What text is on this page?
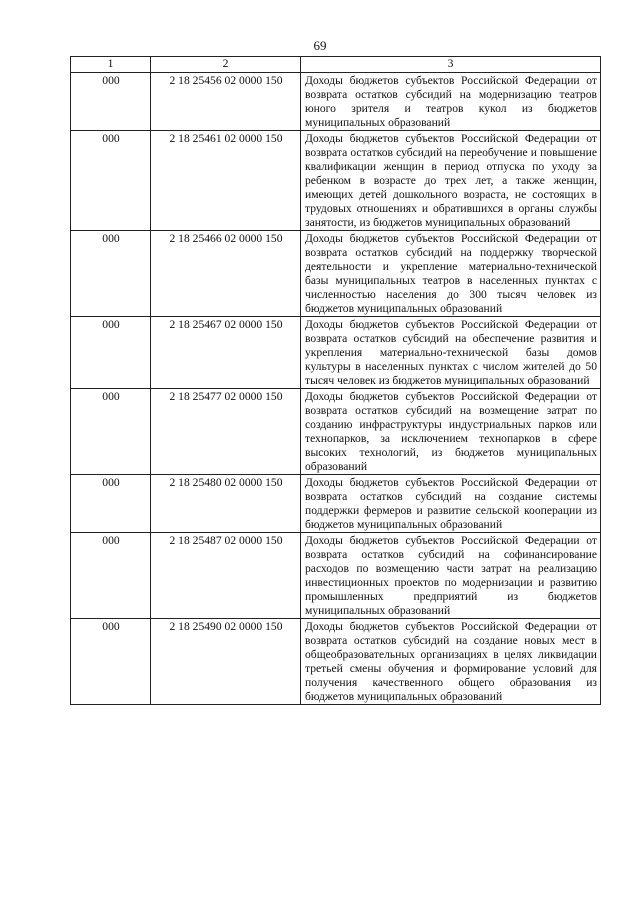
69
1	2	3
000	2 18 25456 02 0000 150	Доходы бюджетов субъектов Российской Федерации от возврата остатков субсидий на модернизацию театров юного зрителя и театров кукол из бюджетов муниципальных образований
000	2 18 25461 02 0000 150	Доходы бюджетов субъектов Российской Федерации от возврата остатков субсидий на переобучение и повышение квалификации женщин в период отпуска по уходу за ребенком в возрасте до трех лет, а также женщин, имеющих детей дошкольного возраста, не состоящих в трудовых отношениях и обратившихся в органы службы занятости, из бюджетов муниципальных образований
000	2 18 25466 02 0000 150	Доходы бюджетов субъектов Российской Федерации от возврата остатков субсидий на поддержку творческой деятельности и укрепление материально-технической базы муниципальных театров в населенных пунктах с численностью населения до 300 тысяч человек из бюджетов муниципальных образований
000	2 18 25467 02 0000 150	Доходы бюджетов субъектов Российской Федерации от возврата остатков субсидий на обеспечение развития и укрепления материально-технической базы домов культуры в населенных пунктах с числом жителей до 50 тысяч человек из бюджетов муниципальных образований
000	2 18 25477 02 0000 150	Доходы бюджетов субъектов Российской Федерации от возврата остатков субсидий на возмещение затрат по созданию инфраструктуры индустриальных парков или технопарков, за исключением технопарков в сфере высоких технологий, из бюджетов муниципальных образований
000	2 18 25480 02 0000 150	Доходы бюджетов субъектов Российской Федерации от возврата остатков субсидий на создание системы поддержки фермеров и развитие сельской кооперации из бюджетов муниципальных образований
000	2 18 25487 02 0000 150	Доходы бюджетов субъектов Российской Федерации от возврата остатков субсидий на софинансирование расходов по возмещению части затрат на реализацию инвестиционных проектов по модернизации и развитию промышленных предприятий из бюджетов муниципальных образований
000	2 18 25490 02 0000 150	Доходы бюджетов субъектов Российской Федерации от возврата остатков субсидий на создание новых мест в общеобразовательных организациях в целях ликвидации третьей смены обучения и формирование условий для получения качественного общего образования из бюджетов муниципальных образований
